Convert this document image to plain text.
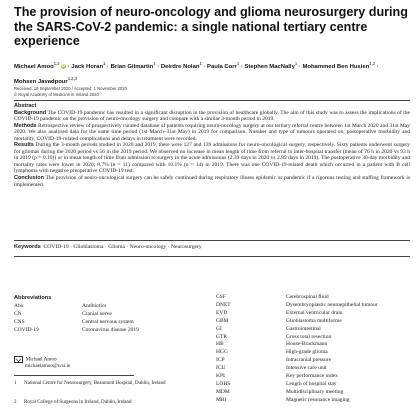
The provision of neuro-oncology and glioma neurosurgery during the SARS-CoV-2 pandemic: a single national tertiary centre experience
Michael Amoo$^{1,2}$ iD · Jack Horan$^1$ · Brian Gilmartin$^1$ · Deirdre Nolan$^1$ · Paula Corr$^1$ · Stephen MacNally$^1$ · Mohammed Ben Husien$^{1,2}$ · Mohsen Javadpour$^{1,2,3}$
Received: 18 September 2020 / Accepted: 1 November 2020
© Royal Academy of Medicine in Ireland 2020

Abstract

Background The COVID-19 pandemic has resulted in a significant disruption in the provision of healthcare globally. The aim of this study was to assess the implications of the COVID-19 pandemic on the provision of neuro-oncology surgery and compare with a similar 3-month period in 2019.

Methods Retrospective review of prospectively curated database of patients requiring neuro-oncology surgery at our tertiary referral centre between 1st March 2020 and 31st May 2020. We also analysed data for the same time period (1st March–31st May) in 2019 for comparison. Number and type of tumours operated on, postoperative morbidity and mortality, COVID-19-related complications and delays in treatment were recorded.

Results During the 3-month periods studied in 2020 and 2019, there were 127 and 139 admissions for neuro-oncological surgery, respectively. Sixty patients underwent surgery for gliomas during the 2020 period vs 56 in the 2019 period. We observed no increase in mean length of time from referral to inter-hospital transfer (mean of 76 h in 2020 vs 93 h in 2019 (p = 0.10)) or in mean length of time from admission to surgery in the acute admissions (2.39 days in 2020 vs 2.89 days in 2019). The postoperative 30-day morbidity and mortality rates were lower in 2020; 8.7% (n = 11) compared with 10.1% (n = 14) in 2019. There was one COVID-19-related death which occurred in a patient with B cell lymphoma with negative preoperative COVID-19 test.

Conclusion The provision of neuro-oncological surgery can be safely continued during respiratory illness epidemic or pandemic if a rigorous testing and staffing framework is implemented.

Keywords COVID-19 · Glioblastoma · Glioma · Neuro-oncology · Neurosurgery
Abbreviations
Abx	Antibiotics
CN	Cranial nerve
CNS	Central nervous system
COVID-19	Coronavirus disease 2019
CSF	Cerebrospinal fluid
DNET	Dysembryoplastic neuroepithelial tumour
EVD	External ventricular drain
GBM	Glioblastoma multiforme
GI	Gastrointestinal
GTR	Gross total resection
HB	House-Brackmann
HGG	High-grade glioma
ICP	Intracranial pressure
ICU	Intensive care unit
KPI	Key performance index
LOHS	Length of hospital stay
MDM	Multidisciplinary meeting
MRI	Magnetic resonance imaging
Michael Amoo
michaelamoo@rcsi.ie
1	National Centre for Neurosurgery, Beaumont Hospital, Dublin, Ireland
2	Royal College of Surgeons in Ireland, Dublin, Ireland
